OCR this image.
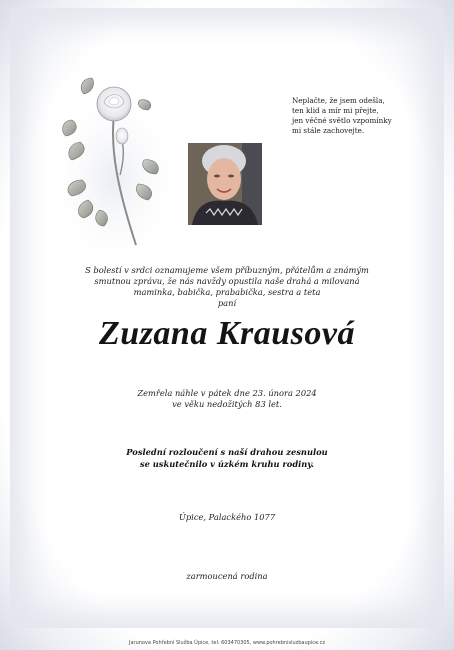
Neplačte, že jsem odešla,
ten klid a mír mi přejte,
jen věčné světlo vzpomínky
mi stále zachovejte.
S bolestí v srdci oznamujeme všem příbuzným, přátelům a známým
smutnou zprávu, že nás navždy opustila naše drahá a milovaná
maminka, babička, prababička, sestra a teta
paní
Zuzana Krausová
Zemřela náhle v pátek dne 23. února 2024
ve věku nedožitých 83 let.
Poslední rozloučení s naší drahou zesnulou
se uskutečnilo v úzkém kruhu rodiny.
Úpice, Palackého 1077
zarmoucená rodina
Jarunova Pohřební Služba Úpice, tel: 603470305, www.pohrebnisluzbaupice.cz
